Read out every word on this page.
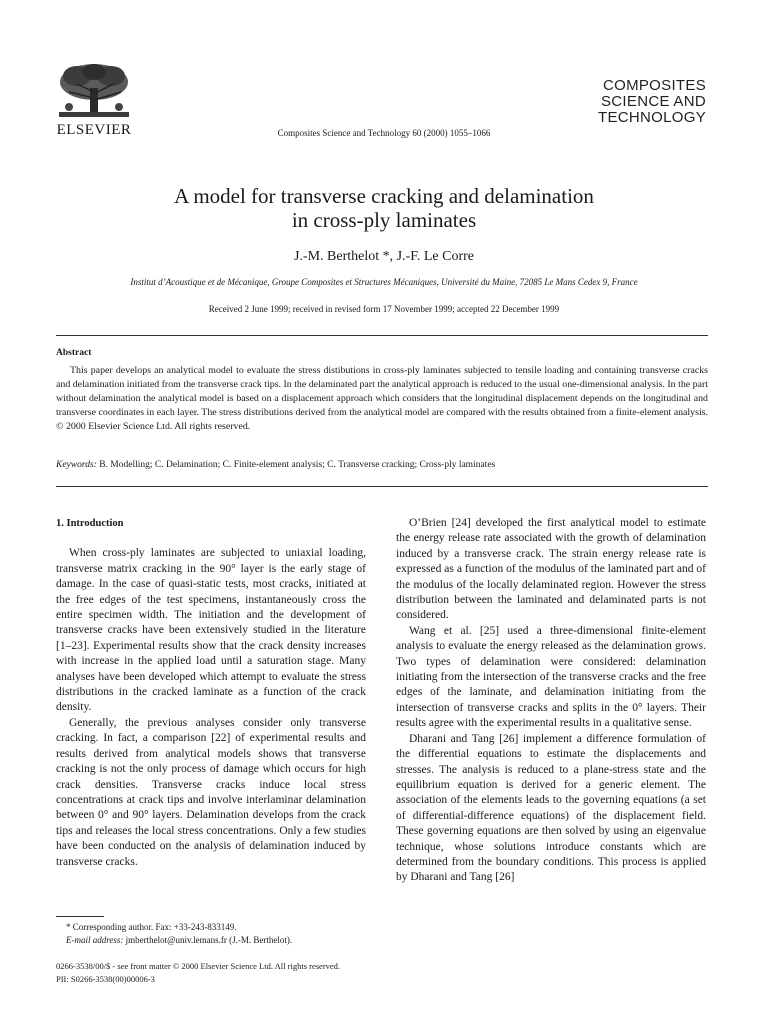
ELSEVIER	Composites Science and Technology 60 (2000) 1055–1066
COMPOSITES
SCIENCE AND
TECHNOLOGY
A model for transverse cracking and delamination
in cross-ply laminates
J.-M. Berthelot *, J.-F. Le Corre
Institut d’Acoustique et de Mécanique, Groupe Composites et Structures Mécaniques, Université du Maine, 72085 Le Mans Cedex 9, France
Received 2 June 1999; received in revised form 17 November 1999; accepted 22 December 1999
Abstract
This paper develops an analytical model to evaluate the stress distibutions in cross-ply laminates subjected to tensile loading and containing transverse cracks and delamination initiated from the transverse crack tips. In the delaminated part the analytical approach is reduced to the usual one-dimensional analysis. In the part without delamination the analytical model is based on a displacement approach which considers that the longitudinal displacement depends on the longitudinal and transverse coordinates in each layer. The stress distributions derived from the analytical model are compared with the results obtained from a finite-element analysis. © 2000 Elsevier Science Ltd. All rights reserved.
Keywords: B. Modelling; C. Delamination; C. Finite-element analysis; C. Transverse cracking; Cross-ply laminates
1. Introduction

When cross-ply laminates are subjected to uniaxial loading, transverse matrix cracking in the 90° layer is the early stage of damage. In the case of quasi-static tests, most cracks, initiated at the free edges of the test specimens, instantaneously cross the entire specimen width. The initiation and the development of transverse cracks have been extensively studied in the literature [1–23]. Experimental results show that the crack density increases with increase in the applied load until a saturation stage. Many analyses have been developed which attempt to evaluate the stress distributions in the cracked laminate as a function of the crack density.

Generally, the previous analyses consider only transverse cracking. In fact, a comparison [22] of experimental results and results derived from analytical models shows that transverse cracking is not the only process of damage which occurs for high crack densities. Transverse cracks induce local stress concentrations at crack tips and involve interlaminar delamination between 0° and 90° layers. Delamination develops from the crack tips and releases the local stress concentrations. Only a few studies have been conducted on the analysis of delamination induced by transverse cracks.

O’Brien [24] developed the first analytical model to estimate the energy release rate associated with the growth of delamination induced by a transverse crack. The strain energy release rate is expressed as a function of the modulus of the laminated part and of the modulus of the locally delaminated region. However the stress distribution between the laminated and delaminated parts is not considered.

Wang et al. [25] used a three-dimensional finite-element analysis to evaluate the energy released as the delamination grows. Two types of delamination were considered: delamination initiating from the intersection of the transverse cracks and the free edges of the laminate, and delamination initiating from the intersection of transverse cracks and splits in the 0° layers. Their results agree with the experimental results in a qualitative sense.

Dharani and Tang [26] implement a difference formulation of the differential equations to estimate the displacements and stresses. The analysis is reduced to a plane-stress state and the equilibrium equation is derived for a generic element. The association of the elements leads to the governing equations (a set of differential-difference equations) of the displacement field. These governing equations are then solved by using an eigenvalue technique, whose solutions introduce constants which are determined from the boundary conditions. This process is applied by Dharani and Tang [26]

* Corresponding author. Fax: +33-243-833149.
E-mail address: jmberthelot@univ.lemans.fr (J.-M. Berthelot).
0266-3538/00/$ - see front matter © 2000 Elsevier Science Ltd. All rights reserved.
PII: S0266-3538(00)00006-3
